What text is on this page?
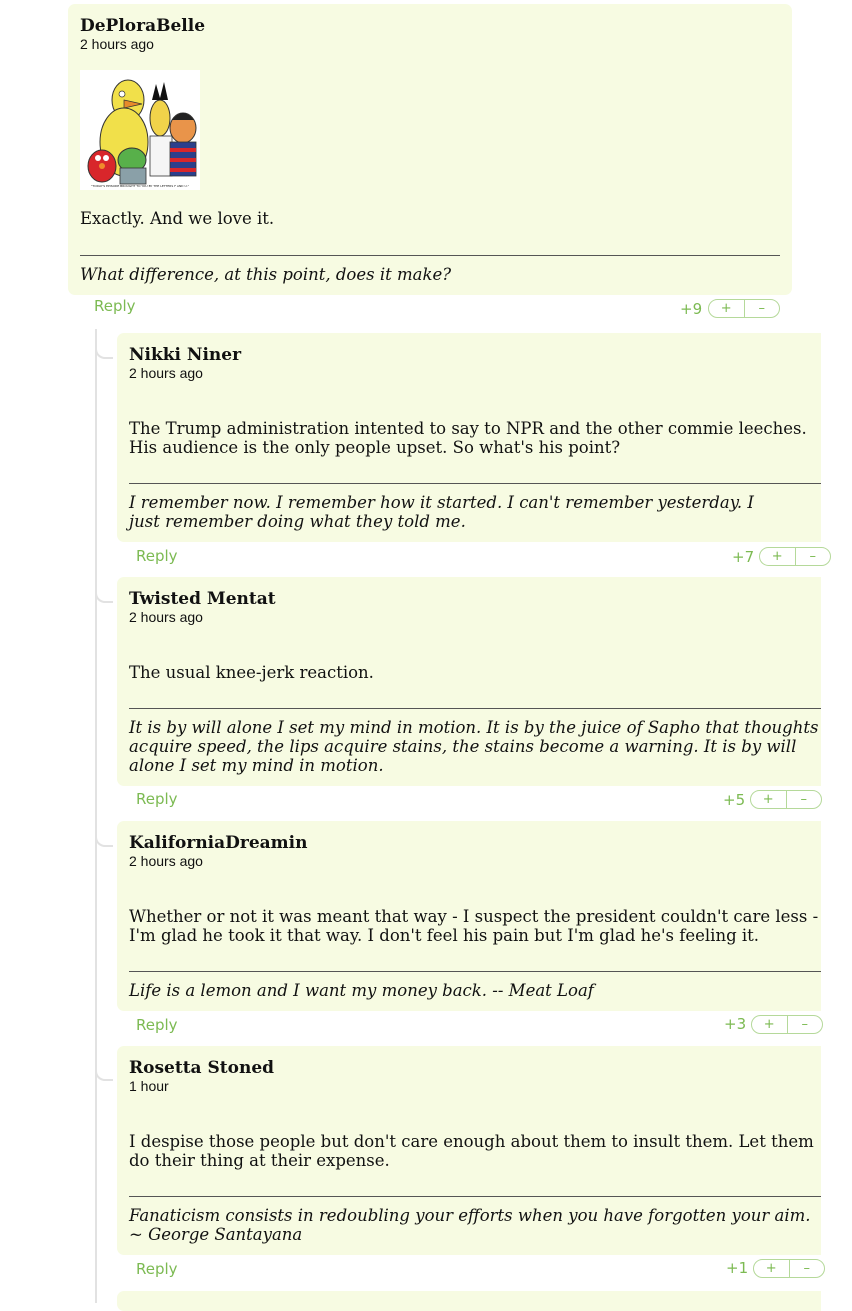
DePloraBelle
2 hours ago
"TODAY'S EPISODE BROUGHT TO YOU BY THE LETTERS F AND U."
Exactly. And we love it.
What difference, at this point, does it make?
Reply	+9	+	–
Nikki Niner
2 hours ago
The Trump administration intented to say to NPR and the other commie leeches. His audience is the only people upset. So what's his point?
I remember now. I remember how it started. I can't remember yesterday. I just remember doing what they told me.
Reply	+7	+	–
Twisted Mentat
2 hours ago
The usual knee-jerk reaction.
It is by will alone I set my mind in motion. It is by the juice of Sapho that thoughts acquire speed, the lips acquire stains, the stains become a warning. It is by will alone I set my mind in motion.
Reply	+5	+	–
KaliforniaDreamin
2 hours ago
Whether or not it was meant that way - I suspect the president couldn't care less - I'm glad he took it that way. I don't feel his pain but I'm glad he's feeling it.
Life is a lemon and I want my money back. -- Meat Loaf
Reply	+3	+	–
Rosetta Stoned
1 hour
I despise those people but don't care enough about them to insult them. Let them do their thing at their expense.
Fanaticism consists in redoubling your efforts when you have forgotten your aim. ~ George Santayana
Reply	+1	+	–
